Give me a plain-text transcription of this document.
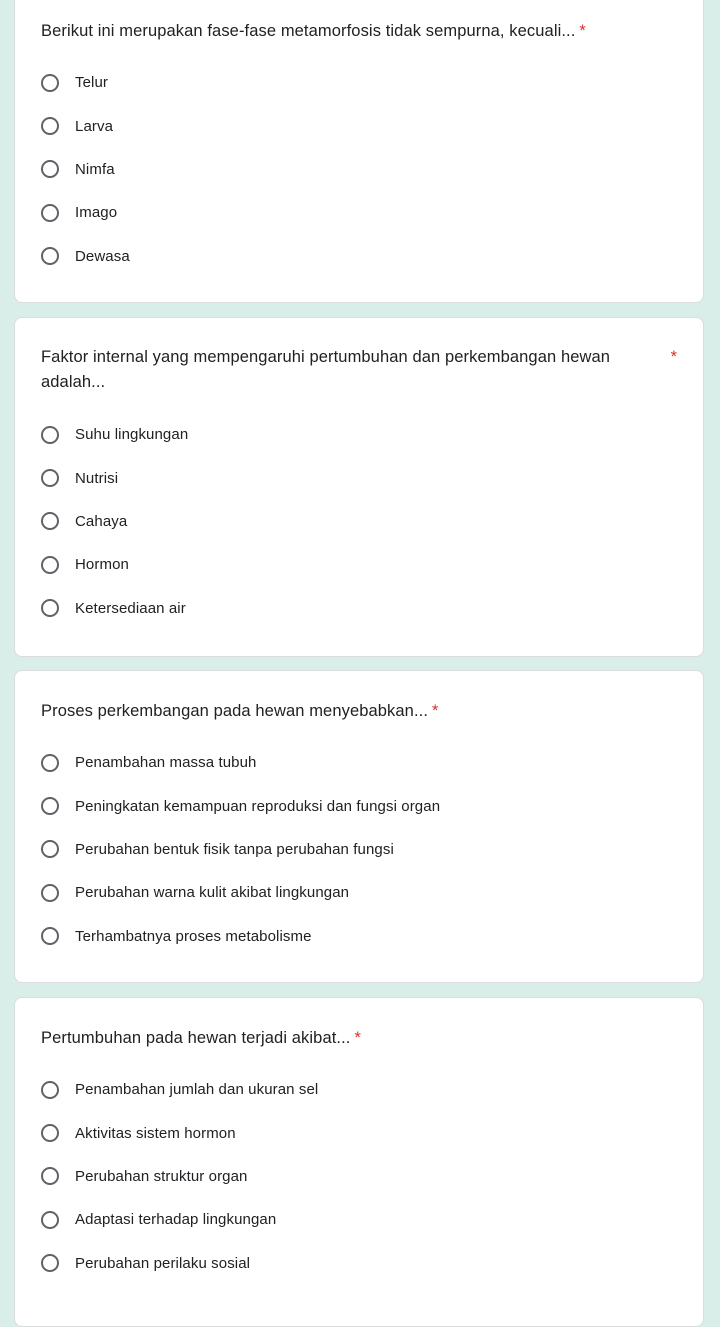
Berikut ini merupakan fase-fase metamorfosis tidak sempurna, kecuali... *
Telur
Larva
Nimfa
Imago
Dewasa
Faktor internal yang mempengaruhi pertumbuhan dan perkembangan hewan adalah...
*
Suhu lingkungan
Nutrisi
Cahaya
Hormon
Ketersediaan air
Proses perkembangan pada hewan menyebabkan... *
Penambahan massa tubuh
Peningkatan kemampuan reproduksi dan fungsi organ
Perubahan bentuk fisik tanpa perubahan fungsi
Perubahan warna kulit akibat lingkungan
Terhambatnya proses metabolisme
Pertumbuhan pada hewan terjadi akibat... *
Penambahan jumlah dan ukuran sel
Aktivitas sistem hormon
Perubahan struktur organ
Adaptasi terhadap lingkungan
Perubahan perilaku sosial
